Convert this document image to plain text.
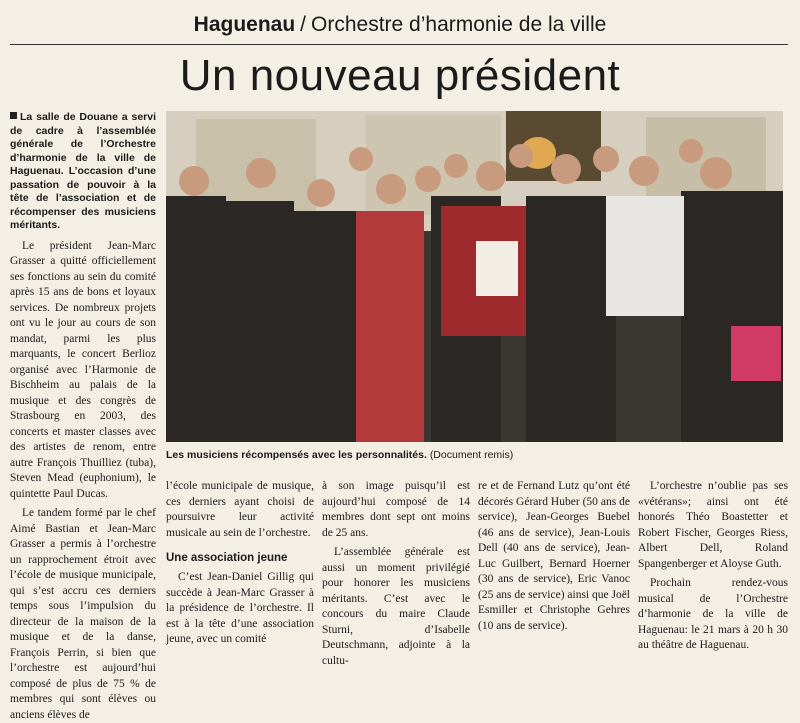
Haguenau / Orchestre d’harmonie de la ville
Un nouveau président
La salle de Douane a servi de cadre à l’assemblée générale de l’Orchestre d’harmonie de la ville de Haguenau. L’occasion d’une passation de pouvoir à la tête de l’association et de récompenser des musiciens méritants.

Le président Jean-Marc Grasser a quitté officiellement ses fonctions au sein du comité après 15 ans de bons et loyaux services. De nombreux projets ont vu le jour au cours de son mandat, parmi les plus marquants, le concert Berlioz organisé avec l’Harmonie de Bischheim au palais de la musique et des congrès de Strasbourg en 2003, des concerts et master classes avec des artistes de renom, entre autre François Thuilliez (tuba), Steven Mead (euphonium), le quintette Paul Ducas.

Le tandem formé par le chef Aimé Bastian et Jean-Marc Grasser a permis à l’orchestre un rapprochement étroit avec l’école de musique municipale, qui s’est accru ces derniers temps sous l’impulsion du directeur de la maison de la musique et de la danse, François Perrin, si bien que l’orchestre est aujourd’hui composé de plus de 75 % de membres qui sont élèves ou anciens élèves de

Les musiciens récompensés avec les personnalités. (Document remis)

l’école municipale de musique, ces derniers ayant choisi de poursuivre leur activité musicale au sein de l’orchestre.

Une association jeune

C’est Jean-Daniel Gillig qui succède à Jean-Marc Grasser à la présidence de l’orchestre. Il est à la tête d’une association jeune, avec un comité

à son image puisqu’il est aujourd’hui composé de 14 membres dont sept ont moins de 25 ans.

L’assemblée générale est aussi un moment privilégié pour honorer les musiciens méritants. C’est avec le concours du maire Claude Sturni, d’Isabelle Deutschmann, adjointe à la cultu-

re et de Fernand Lutz qu’ont été décorés Gérard Huber (50 ans de service), Jean-Georges Buebel (46 ans de service), Jean-Louis Dell (40 ans de service), Jean-Luc Guilbert, Bernard Hoerner (30 ans de service), Eric Vanoc (25 ans de service) ainsi que Joël Esmiller et Christophe Gehres (10 ans de service).

L’orchestre n’oublie pas ses «vétérans»; ainsi ont été honorés Théo Boastetter et Robert Fischer, Georges Riess, Albert Dell, Roland Spangenberger et Aloyse Guth.

Prochain rendez-vous musical de l’Orchestre d’harmonie de la ville de Haguenau: le 21 mars à 20 h 30 au théâtre de Haguenau.
